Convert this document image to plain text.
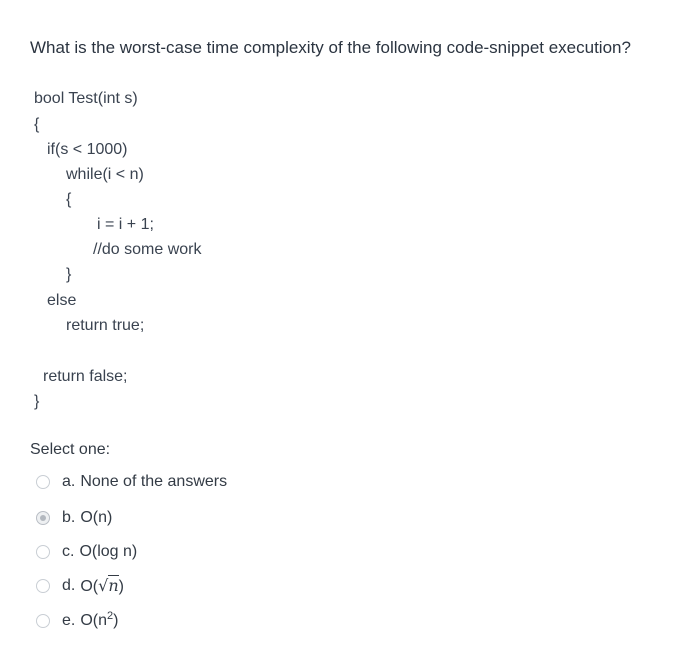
What is the worst-case time complexity of the following code-snippet execution?
bool Test(int s)
{
if(s < 1000)
while(i < n)
{
i = i + 1;
//do some work
}
else
return true;
return false;
}
Select one:
a. None of the answers
b. O(n)
c. O(log n)
d. O(√n)
e. $O(n^2)$
